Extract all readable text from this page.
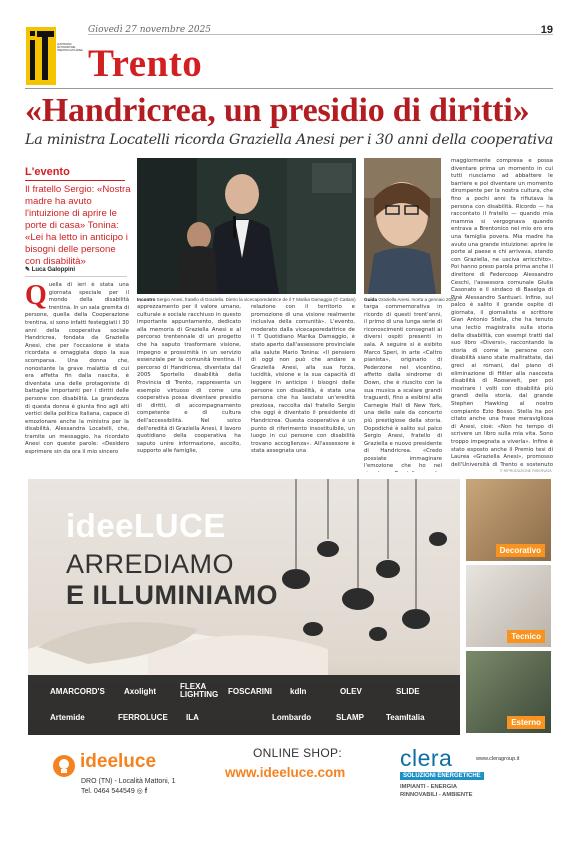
QUOTIDIANO AUTONOMO DEL TRENTINO ALTO ADIGE
Giovedì 27 novembre 2025	19
Trento
«Handricrea, un presidio di diritti»
La ministra Locatelli ricorda Graziella Anesi per i 30 anni della cooperativa
L'evento
Il fratello Sergio: «Nostra madre ha avuto l'intuizione di aprire le porte di casa» Tonina: «Lei ha letto in anticipo i bisogni delle persone con disabilità»
✎ Luca Galoppini
Incontro Sergio Anesi, fratello di Graziella. Dietro la vicecaporedattrice de il T Marika Damaggio (© Cattani) Guida Graziella Anesi, morta a gennaio 2023
Quella di ieri è stata una giornata speciale per il mondo della disabilità trentina. In un sala gremita di persone, quella della Cooperazione trentina, si sono infatti festeggiati i 30 anni della cooperativa sociale Handricrea, fondata da Graziella Anesi, che per l'occasione è stata ricordata e omaggiata dopo la sua scomparsa. Una donna che, nonostante la grave malattia di cui era affetta fin dalla nascita, è diventata una delle protagoniste di battaglie importanti per i diritti delle persone con disabilità. La grandezza di questa donna è giunta fino agli alti vertici della politica italiana, capace di emozionare anche la ministra per la disabilità, Alessandra Locatelli, che, tramite un messaggio, ha ricordato Anesi con queste parole: «Desidero esprimere sin da ora il mio sincero
apprezzamento per il valore umano, culturale e sociale racchiuso in questo importante appuntamento, dedicato alla memoria di Graziella Anesi e al percorso trentennale di un progetto che ha saputo trasformare visione, impegno e prossimità in un servizio essenziale per la comunità trentina. Il percorso di Handricrea, diventata dal 2005 Sportello disabilità della Provincia di Trento, rappresenta un esempio virtuoso di come una cooperativa possa diventare presidio di diritti, di accompagnamento competente e di cultura dell'accessibilità. Nel solco dell'eredità di Graziella Anesi, il lavoro quotidiano della cooperativa ha saputo unire informazione, ascolto, supporto alle famiglie,
relazione con il territorio e promozione di una visione realmente inclusiva della comunità». L'evento, moderato dalla vicecaporedattrice de il T Quotidiano Marika Damaggio, è stato aperto dall'assessore provinciale alla salute Mario Tonina: «Il pensiero di oggi non può che andare a Graziella Anesi, alla sua forza, lucidità, visione e la sua capacità di leggere in anticipo i bisogni delle persone con disabilità, è stata una persona che ha lasciato un'eredità preziosa, raccolta dal fratello Sergio che oggi è diventato il presidente di Handricrea. Questa cooperativa è un punto di riferimento insostituibile, un luogo in cui persone con disabilità trovano accoglienza». All'assessore è stata assegnata una
targa commemorativa in ricordo di questi trent'anni, il primo di una lunga serie di riconoscimenti consegnati ai diversi ospiti presenti in sala. A seguire si è esibito Marco Speri, in arte «Caltro pianista», originario di Pederzone nel vicentino, affetto dalla sindrome di Down, che è riuscito con la sua musica a scalare grandi traguardi, fino a esibirsi alla Carnegie Hall di New York, una delle sale da concerto più prestigiose della storia. Dopodiché è salito sul palco Sergio Anesi, fratello di Graziella e nuovo presidente di Handricrea. «Credo possiate immaginare l'emozione che ho nel
maggiormente compresa e possa diventare prima un momento in cui tutti riusciamo ad abbattere le barriere e poi diventare un momento dirompente per la nostra cultura, che fino a pochi anni fa rifiutava la persona con disabilità. Ricordo — ha raccontato il fratello — quando mia mamma si vergognava quando entrava a Brentonico nel mio ero era una famiglia povera. Mia madre ha avuto una grande intuizione: aprire le porte al paese e chi arrivava, stando con Graziella, ne usciva arricchito». Poi hanno preso parola prima anche il direttore di Federcoop Alessandro Ceschi, l'assessora comunale Giulia Casonato e il sindaco di Baselga di Pinè Alessandro Santuari. Infine, sul palco è salito il grande ospite di giornata, il giornalista e scrittore Gian Antonio Stella, che ha tenuto una lectio magistralis sulla storia della disabilità, con esempi tratti dal suo libro «Diversi», raccontando la storia di come le persone con disabilità siano state maltrattate, dai greci ai romani, dal piano di eliminazione di Hitler alla nascosta disabilità di Roosevelt, per poi mostrare i volti con disabilità più grandi della storia, dal grande Stephen Hawking al nostro compianto Ezio Bosso. Stella ha poi citato anche una frase meravigliosa di Anesi, cioè: «Non ho tempo di scrivere un libro sulla mia vita. Sono troppo impegnata a viverla». Infine è stato esposto anche il Premio tesi di Laurea «Graziella Anesi», promosso dell'Università di Trento e sostenuto
© RIPRODUZIONE RISERVATA
ideeLUCE
ARREDIAMO
E ILLUMINIAMO
AMARCORD'S Axolight
FLEXA LIGHTING FOSCARINI kdln	OLEV	SLIDE
Artemide	FERROLUCE ILA	Lombardo	SLAMP	TeamItalia
Decorativo
Tecnico
Esterno
ideeluce
DRO (TN) - Località Mattoni, 1
Tel. 0464 544549 ◎ f
ONLINE SHOP:
www.ideeluce.com
clera	www.cleragroup.it
SOLUZIONI ENERGETICHE
IMPIANTI - ENERGIA
RINNOVABILI - AMBIENTE
